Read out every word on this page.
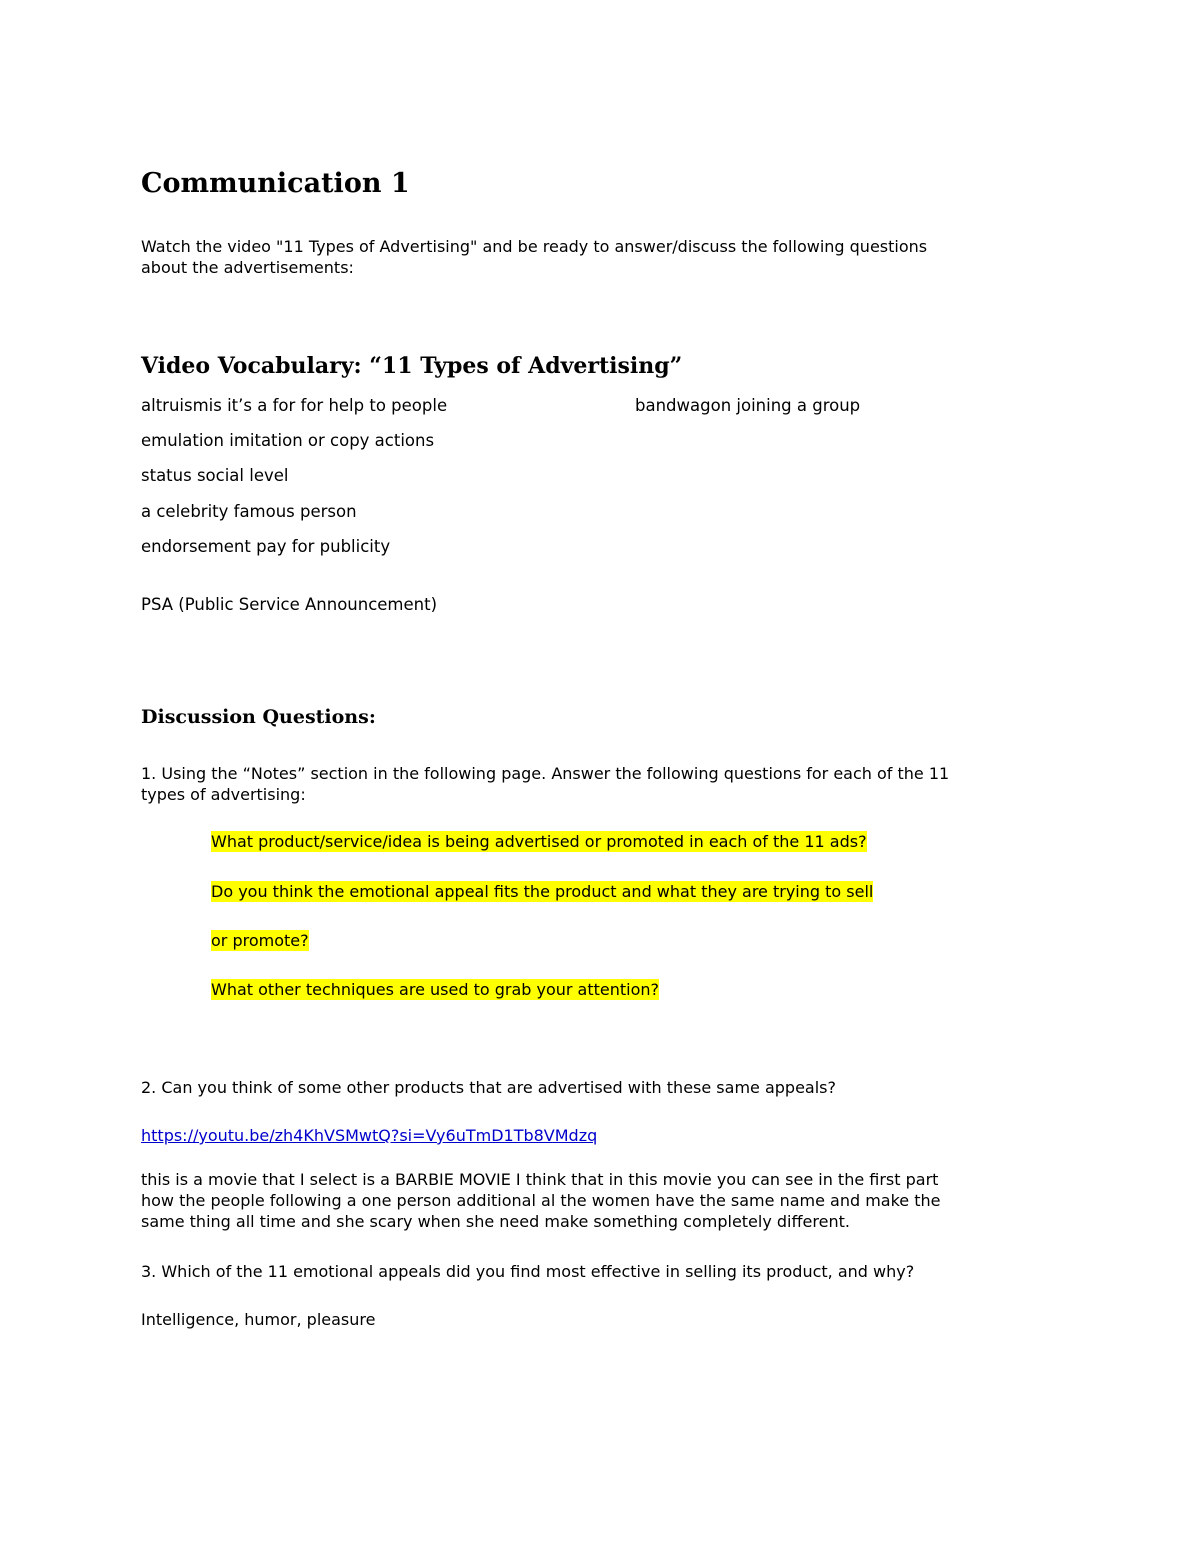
Communication 1
Watch the video "11 Types of Advertising" and be ready to answer/discuss the following questions
about the advertisements:
Video Vocabulary: “11 Types of Advertising”
altruismis it’s a for for help to people	bandwagon joining a group
emulation imitation or copy actions
status social level
a celebrity famous person
endorsement pay for publicity
PSA (Public Service Announcement)
Discussion Questions:
1. Using the “Notes” section in the following page. Answer the following questions for each of the 11
types of advertising:
What product/service/idea is being advertised or promoted in each of the 11 ads?
Do you think the emotional appeal fits the product and what they are trying to sell
or promote?
What other techniques are used to grab your attention?
2. Can you think of some other products that are advertised with these same appeals?
https://youtu.be/zh4KhVSMwtQ?si=Vy6uTmD1Tb8VMdzq
this is a movie that I select is a BARBIE MOVIE I think that in this movie you can see in the first part
how the people following a one person additional al the women have the same name and make the
same thing all time and she scary when she need make something completely different.
3. Which of the 11 emotional appeals did you find most effective in selling its product, and why?
Intelligence, humor, pleasure
